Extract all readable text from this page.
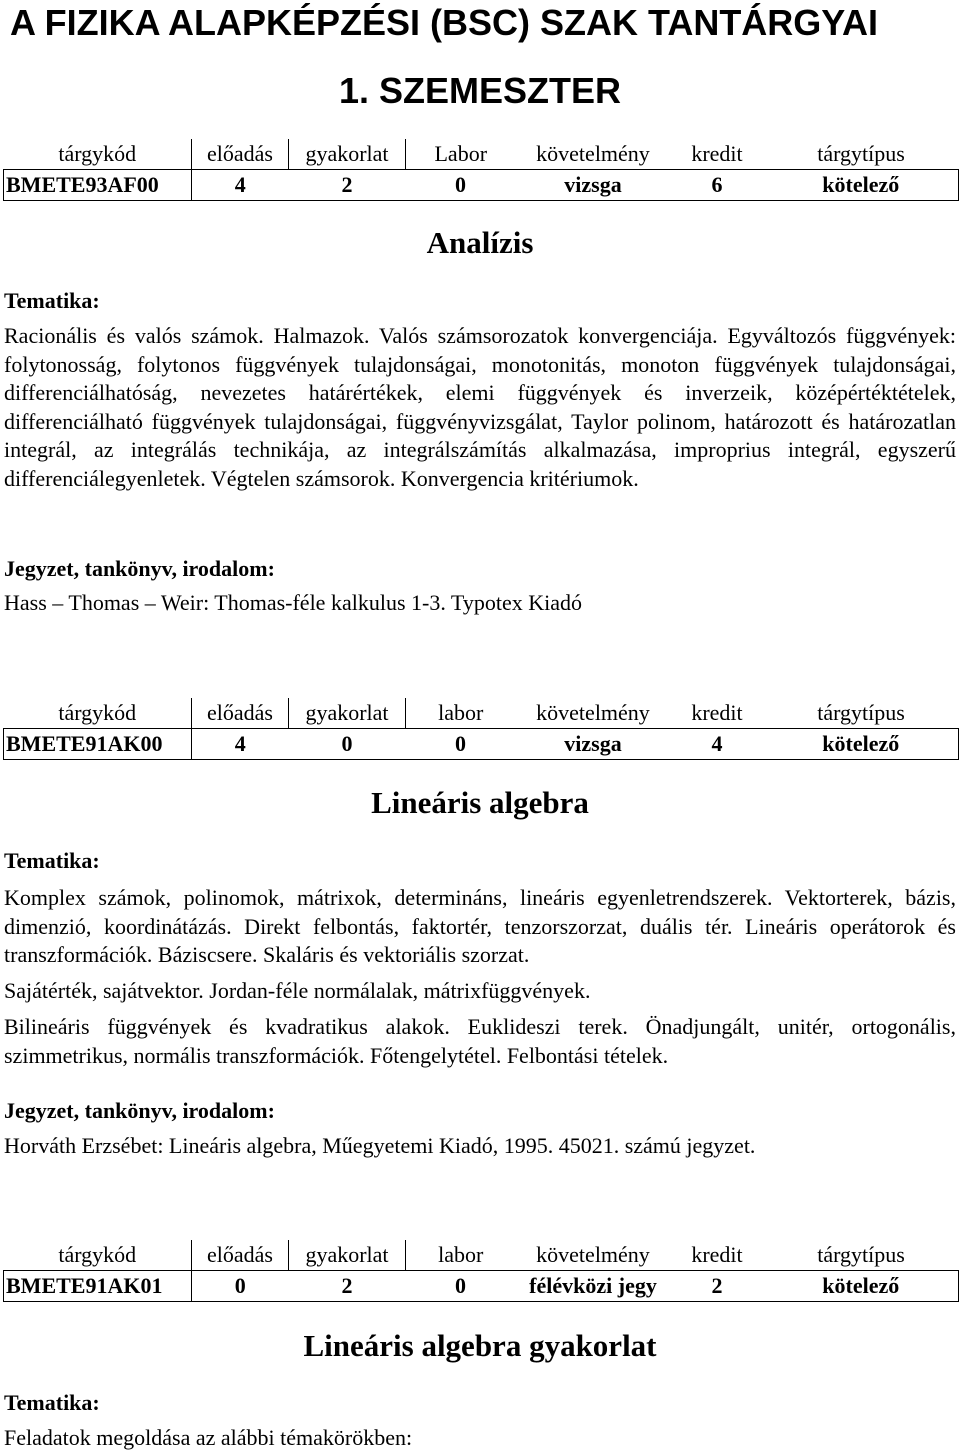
A FIZIKA ALAPKÉPZÉSI (BSC) SZAK TANTÁRGYAI
1. SZEMESZTER
tárgykód	előadás	gyakorlat	Labor	követelmény	kredit	tárgytípus
BMETE93AF00	4	2	0	vizsga	6	kötelező
Analízis

Tematika:

Racionális és valós számok. Halmazok. Valós számsorozatok konvergenciája. Egyváltozós függvények: folytonosság, folytonos függvények tulajdonságai, monotonitás, monoton függvények tulajdonságai, differenciálhatóság, nevezetes határértékek, elemi függvények és inverzeik, középértéktételek, differenciálható függvények tulajdonságai, függvényvizsgálat, Taylor polinom, határozott és határozatlan integrál, az integrálás technikája, az integrálszámítás alkalmazása, improprius integrál, egyszerű differenciálegyenletek. Végtelen számsorok. Konvergencia kritériumok.

Jegyzet, tankönyv, irodalom:

Hass – Thomas – Weir: Thomas-féle kalkulus 1-3. Typotex Kiadó

tárgykód	előadás	gyakorlat	labor	követelmény	kredit	tárgytípus
BMETE91AK00	4	0	0	vizsga	4	kötelező
Lineáris algebra

Tematika:

Komplex számok, polinomok, mátrixok, determináns, lineáris egyenletrendszerek. Vektorterek, bázis, dimenzió, koordinátázás. Direkt felbontás, faktortér, tenzorszorzat, duális tér. Lineáris operátorok és transzformációk. Báziscsere. Skaláris és vektoriális szorzat.

Sajátérték, sajátvektor. Jordan-féle normálalak, mátrixfüggvények.

Bilineáris függvények és kvadratikus alakok. Euklideszi terek. Önadjungált, unitér, ortogonális, szimmetrikus, normális transzformációk. Főtengelytétel. Felbontási tételek.

Jegyzet, tankönyv, irodalom:

Horváth Erzsébet: Lineáris algebra, Műegyetemi Kiadó, 1995. 45021. számú jegyzet.

tárgykód	előadás	gyakorlat	labor	követelmény	kredit	tárgytípus
BMETE91AK01	0	2	0	félévközi jegy	2	kötelező
Lineáris algebra gyakorlat

Tematika:

Feladatok megoldása az alábbi témakörökben:
